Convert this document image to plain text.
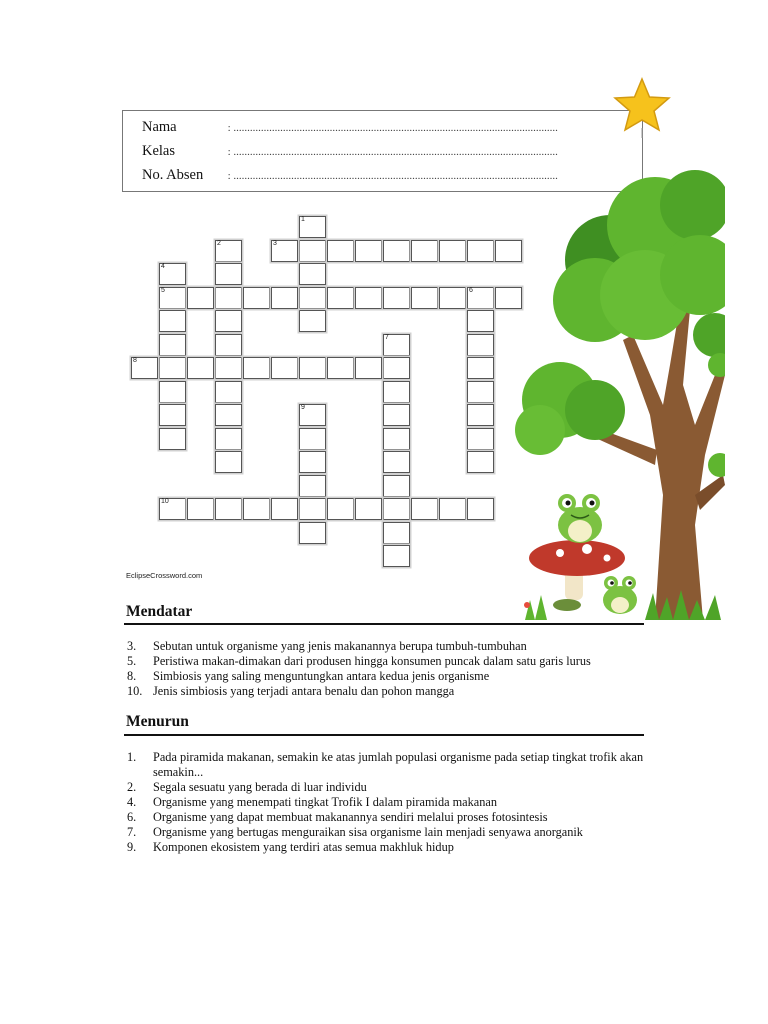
Nama	: ......................................................................................................................
Kelas	: ......................................................................................................................
No. Absen : ......................................................................................................................
1
2	3
4
5	6
7
8
9
10
EclipseCrossword.com
Mendatar
3. Sebutan untuk organisme yang jenis makanannya berupa tumbuh-tumbuhan
5. Peristiwa makan-dimakan dari produsen hingga konsumen puncak dalam satu garis lurus
8. Simbiosis yang saling menguntungkan antara kedua jenis organisme
10. Jenis simbiosis yang terjadi antara benalu dan pohon mangga
Menurun
1. Pada piramida makanan, semakin ke atas jumlah populasi organisme pada setiap tingkat trofik akan semakin...
2. Segala sesuatu yang berada di luar individu
4. Organisme yang menempati tingkat Trofik I dalam piramida makanan
6. Organisme yang dapat membuat makanannya sendiri melalui proses fotosintesis
7. Organisme yang bertugas menguraikan sisa organisme lain menjadi senyawa anorganik
9. Komponen ekosistem yang terdiri atas semua makhluk hidup
